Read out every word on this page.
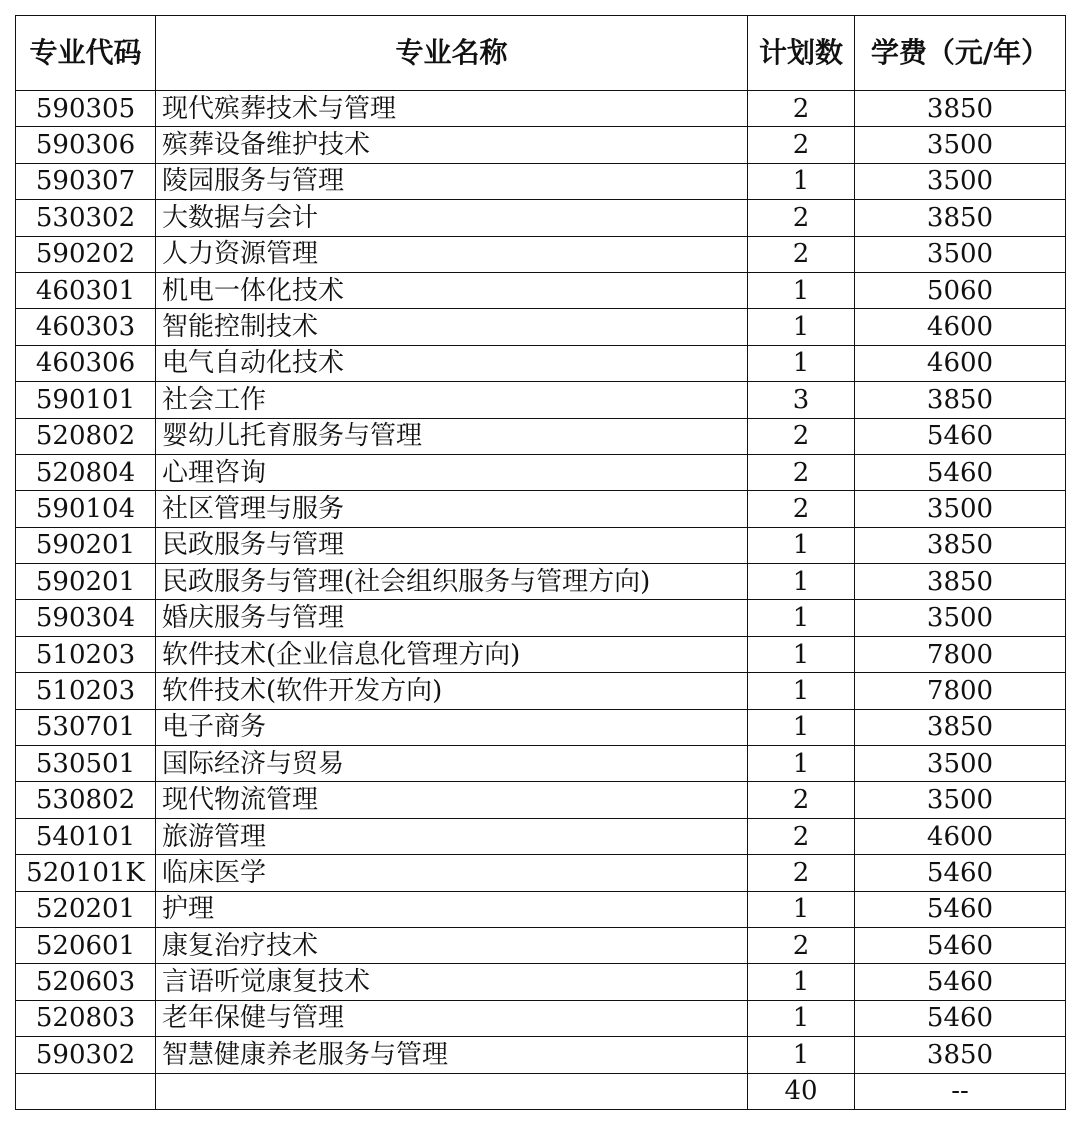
专业代码	专业名称	计划数	学费（元/年）
590305	现代殡葬技术与管理	2	3850
590306	殡葬设备维护技术	2	3500
590307	陵园服务与管理	1	3500
530302	大数据与会计	2	3850
590202	人力资源管理	2	3500
460301	机电一体化技术	1	5060
460303	智能控制技术	1	4600
460306	电气自动化技术	1	4600
590101	社会工作	3	3850
520802	婴幼儿托育服务与管理	2	5460
520804	心理咨询	2	5460
590104	社区管理与服务	2	3500
590201	民政服务与管理	1	3850
590201	民政服务与管理(社会组织服务与管理方向)	1	3850
590304	婚庆服务与管理	1	3500
510203	软件技术(企业信息化管理方向)	1	7800
510203	软件技术(软件开发方向)	1	7800
530701	电子商务	1	3850
530501	国际经济与贸易	1	3500
530802	现代物流管理	2	3500
540101	旅游管理	2	4600
520101K	临床医学	2	5460
520201	护理	1	5460
520601	康复治疗技术	2	5460
520603	言语听觉康复技术	1	5460
520803	老年保健与管理	1	5460
590302	智慧健康养老服务与管理	1	3850
		40	--
